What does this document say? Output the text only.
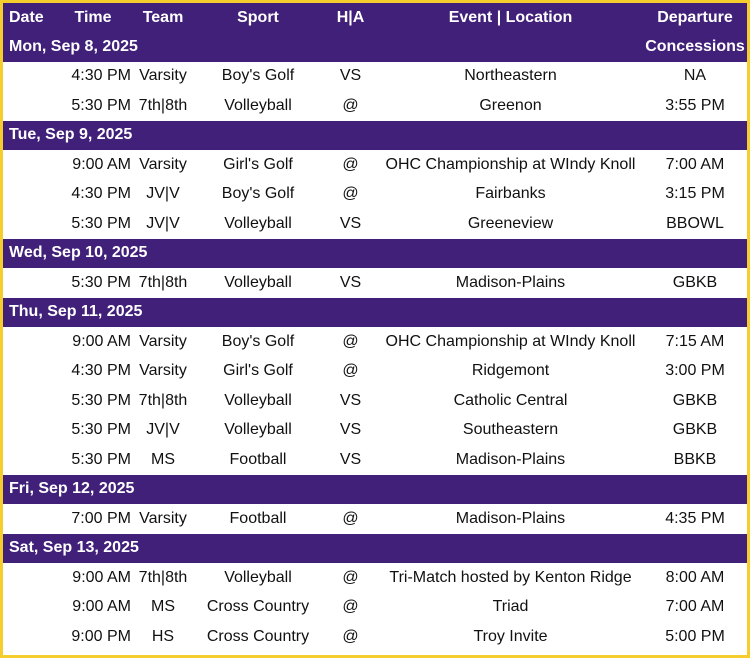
Date	Time	Team	Sport	H|A	Event | Location	Departure
Mon, Sep 8, 2025						Concessions
	4:30 PM	Varsity	Boy's Golf	VS	Northeastern	NA
	5:30 PM	7th|8th	Volleyball	@	Greenon	3:55 PM
Tue, Sep 9, 2025						
	9:00 AM	Varsity	Girl's Golf	@	OHC Championship at WIndy Knoll	7:00 AM
	4:30 PM	JV|V	Boy's Golf	@	Fairbanks	3:15 PM
	5:30 PM	JV|V	Volleyball	VS	Greeneview	BBOWL
Wed, Sep 10, 2025						
	5:30 PM	7th|8th	Volleyball	VS	Madison-Plains	GBKB
Thu, Sep 11, 2025						
	9:00 AM	Varsity	Boy's Golf	@	OHC Championship at WIndy Knoll	7:15 AM
	4:30 PM	Varsity	Girl's Golf	@	Ridgemont	3:00 PM
	5:30 PM	7th|8th	Volleyball	VS	Catholic Central	GBKB
	5:30 PM	JV|V	Volleyball	VS	Southeastern	GBKB
	5:30 PM	MS	Football	VS	Madison-Plains	BBKB
Fri, Sep 12, 2025						
	7:00 PM	Varsity	Football	@	Madison-Plains	4:35 PM
Sat, Sep 13, 2025						
	9:00 AM	7th|8th	Volleyball	@	Tri-Match hosted by Kenton Ridge	8:00 AM
	9:00 AM	MS	Cross Country	@	Triad	7:00 AM
	9:00 PM	HS	Cross Country	@	Troy Invite	5:00 PM
